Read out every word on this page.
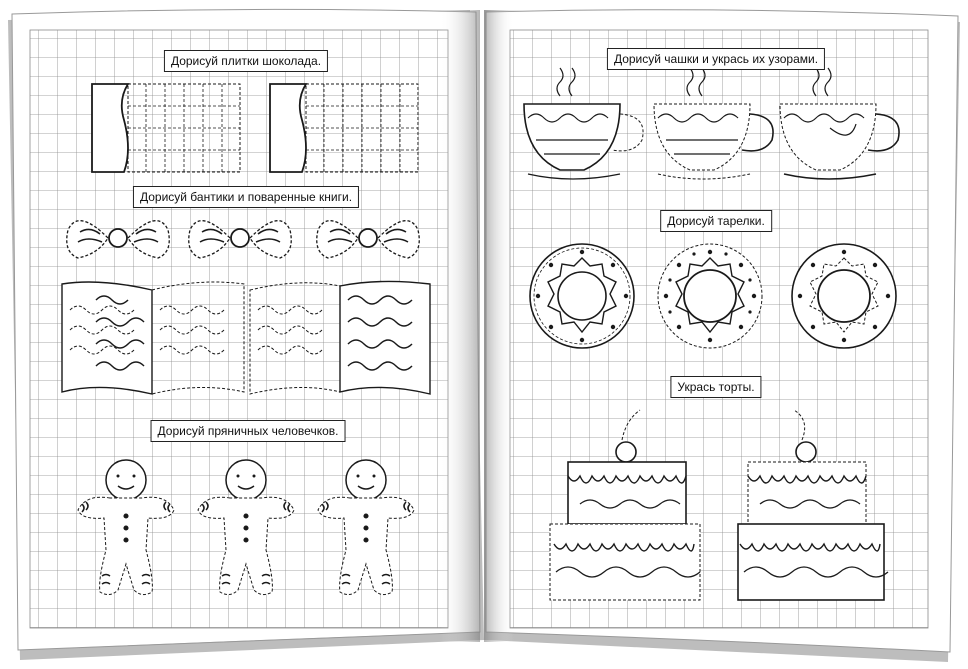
Дорисуй плитки шоколада.
Дорисуй бантики и поваренные книги.
Дорисуй пряничных человечков.
Дорисуй чашки и укрась их узорами.
Дорисуй тарелки.
Укрась торты.
